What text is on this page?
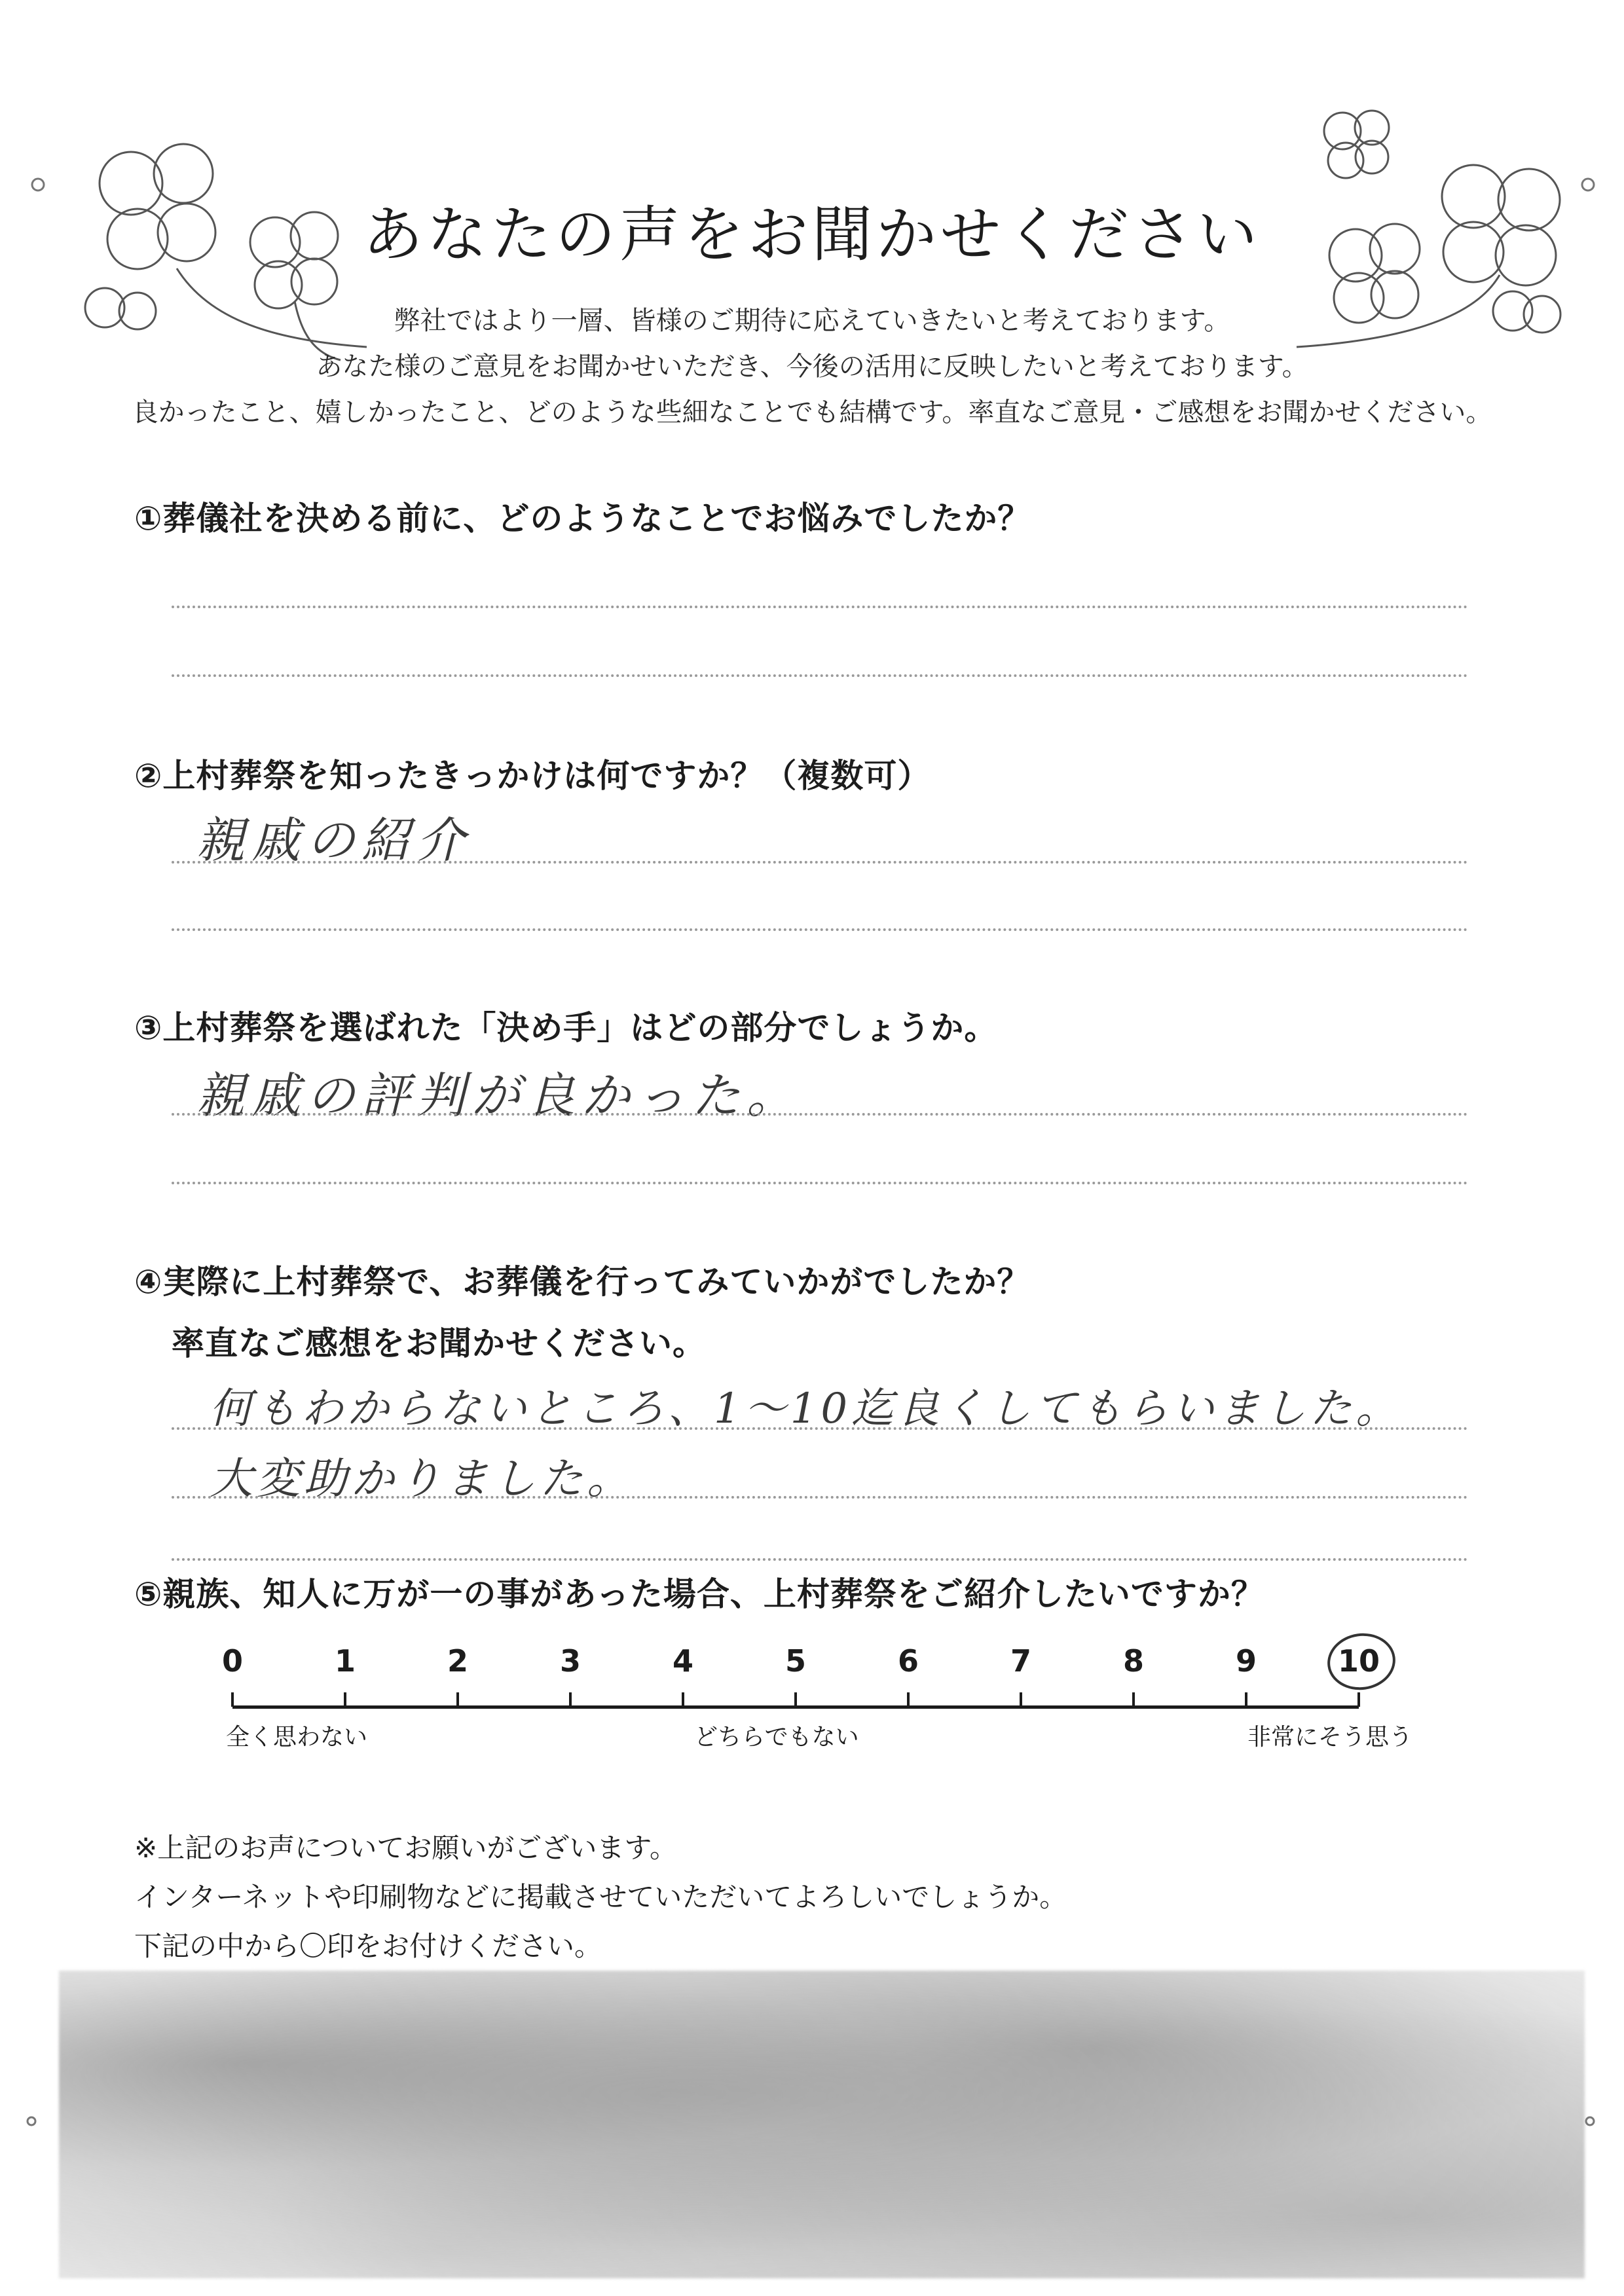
あなたの声をお聞かせください
弊社ではより一層、皆様のご期待に応えていきたいと考えております。
あなた様のご意見をお聞かせいただき、今後の活用に反映したいと考えております。
良かったこと、嬉しかったこと、どのような些細なことでも結構です。率直なご意見・ご感想をお聞かせください。
①葬儀社を決める前に、どのようなことでお悩みでしたか？
②上村葬祭を知ったきっかけは何ですか？（複数可）
親戚の紹介
③上村葬祭を選ばれた「決め手」はどの部分でしょうか。
親戚の評判が良かった。
④実際に上村葬祭で、お葬儀を行ってみていかがでしたか？
率直なご感想をお聞かせください。
何もわからないところ、1〜10迄良くしてもらいました。
大変助かりました。
⑤親族、知人に万が一の事があった場合、上村葬祭をご紹介したいですか？
0	1	2	3	4	5	6	7	8	9	10
全く思わない	どちらでもない	非常にそう思う
※上記のお声についてお願いがございます。
インターネットや印刷物などに掲載させていただいてよろしいでしょうか。
下記の中から〇印をお付けください。
